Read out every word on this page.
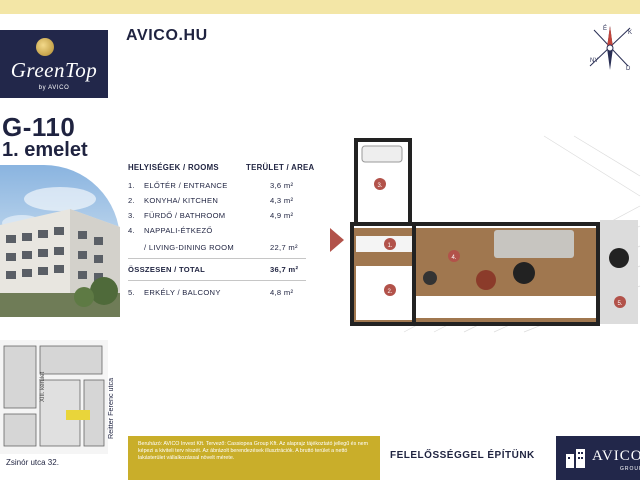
GreenTop
by AVICO
AVICO.HU	É
K
NY
D
G-110
1. emelet
HELYISÉGEK / ROOMS	TERÜLET / AREA
1. ELŐTÉR / ENTRANCE	3,6 m²
2. KONYHA/ KITCHEN	4,3 m²
3. FÜRDŐ / BATHROOM	4,9 m²
4. NAPPALI-ÉTKEZŐ
/ LIVING-DINING ROOM	22,7 m²
ÖSSZESEN / TOTAL	36,7 m²
5. ERKÉLY / BALCONY	4,8 m²
3.
1.
2.
4.
5.
Reitter Ferenc utca
XIII. kerület
Zsinór utca 32.
Beruházó: AVICO Invest Kft. Tervező: Cassiopea Group Kft. Az alaprajz tájékoztató jellegű és nem képezi a kiviteli terv részét. Az ábrázolt berendezések illusztrációk. A bruttó terület a nettó lakásterület vállalkozással növelt mérete.	FELELŐSSÉGGEL ÉPÍTÜNK	AVICO
GROUP
